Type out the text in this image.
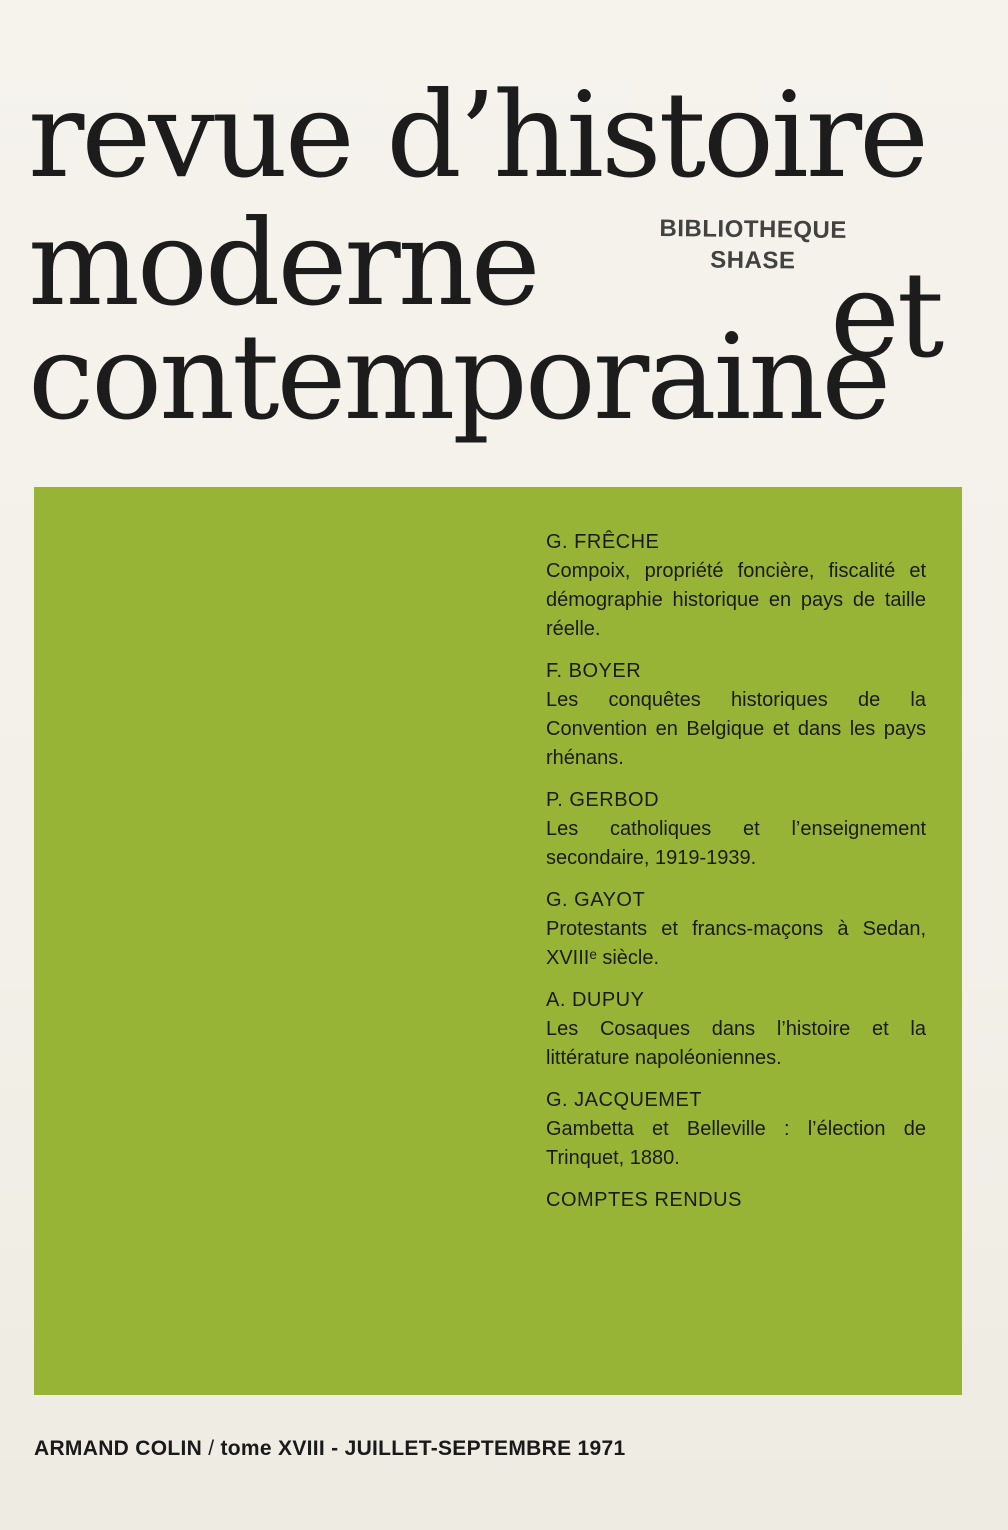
revue d’histoire
moderne et
contemporaine
BIBLIOTHEQUE
SHASE
G. FRÊCHE
Compoix, propriété foncière, fiscalité et démographie historique en pays de taille réelle.
F. BOYER
Les conquêtes historiques de la Convention en Belgique et dans les pays rhénans.
P. GERBOD
Les catholiques et l’enseignement secondaire, 1919-1939.
G. GAYOT
Protestants et francs-maçons à Sedan, XVIIIᵉ siècle.
A. DUPUY
Les Cosaques dans l’histoire et la littérature napoléoniennes.
G. JACQUEMET
Gambetta et Belleville : l’élection de Trinquet, 1880.
COMPTES RENDUS
ARMAND COLIN / tome XVIII - JUILLET-SEPTEMBRE 1971
